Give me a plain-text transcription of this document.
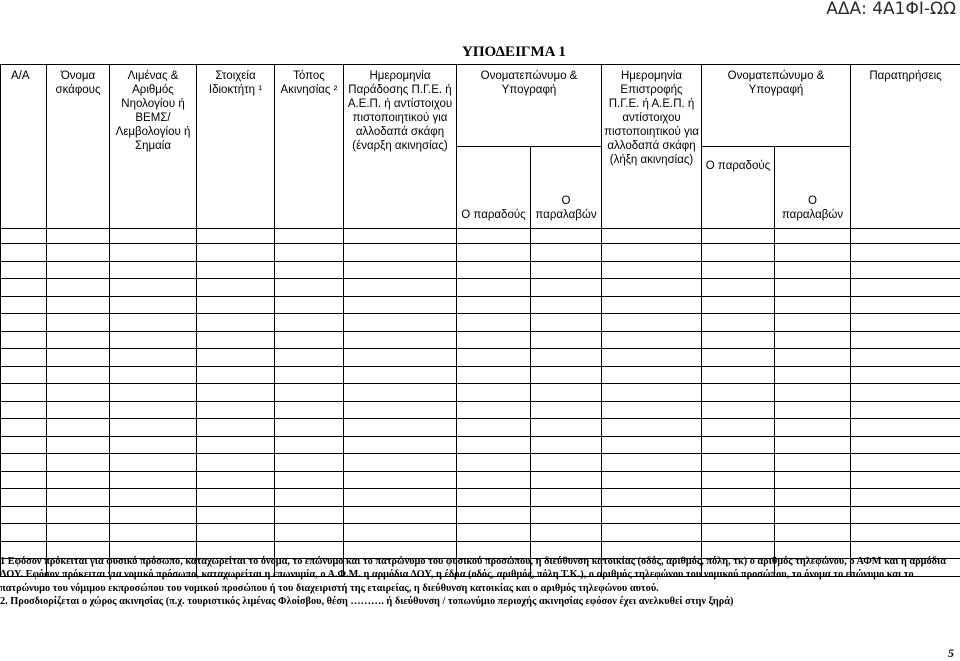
ΑΔΑ: 4Α1ΦΙ-ΩΩ
ΥΠΟΔΕΙΓΜΑ 1
Α/Α	Όνομα σκάφους	Λιμένας & Αριθμός Νηολογίου ή ΒΕΜΣ/ Λεμβολογίου ή Σημαία	Στοιχεία Ιδιοκτήτη ¹	Τόπος Ακινησίας ²	Ημερομηνία Παράδοσης Π.Γ.Ε. ή Α.Ε.Π. ή αντίστοιχου πιστοποιητικού για αλλοδαπά σκάφη (έναρξη ακινησίας)	Ονοματεπώνυμο & Υπογραφή		Ημερομηνία Επιστροφής Π.Γ.Ε. ή Α.Ε.Π. ή αντίστοιχου πιστοποιητικού για αλλοδαπά σκάφη (λήξη ακινησίας)	Ονοματεπώνυμο & Υπογραφή		Παρατηρήσεις
						Ο παραδούς	Ο παραλαβών		Ο παραδούς	Ο παραλαβών	

1 Εφόσον πρόκειται για φυσικό πρόσωπο, καταχωρείται το όνομα, το επώνυμο και το πατρώνυμο του φυσικού προσώπου, η διεύθυνση κατοικίας (οδός, αριθμός, πόλη, τκ) ο αριθμός τηλεφώνου, ο ΑΦΜ και η αρμόδια ΔΟΥ. Εφόσον πρόκειται για νομικό πρόσωπο, καταχωρείται η επωνυμία, ο Α.Φ.Μ. η αρμόδια ΔΟΥ, η έδρα (οδός, αριθμός, πόλη Τ.Κ.), ο αριθμός τηλεφώνου του νομικού προσώπου, το όνομα το επώνυμο και το πατρώνυμο του νόμιμου εκπροσώπου του νομικού προσώπου ή του διαχειριστή της εταιρείας, η διεύθυνση κατοικίας και ο αριθμός τηλεφώνου αυτού.

2. Προσδιορίζεται ο χώρος ακινησίας (π.χ. τουριστικός λιμένας Φλοίσβου, θέση ………. ή διεύθυνση / τοπωνύμιο περιοχής ακινησίας εφόσον έχει ανελκυθεί στην ξηρά)

5
